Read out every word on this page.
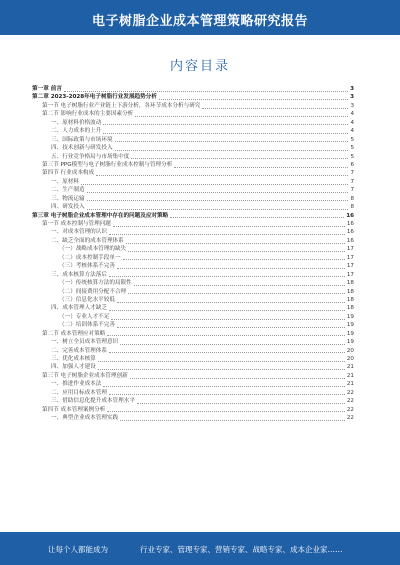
电子树脂企业成本管理策略研究报告
内容目录
第一章 前言	3
第二章 2023-2028年电子树脂行业发展趋势分析	3
第一节 电子树脂行业产业链上下游分析，各环节成本分析与研究	3
第二节 影响行业成本的主要因素分析	4
一、原材料价格波动	4
二、人力成本的上升	4
三、国际政策与市场环境	5
四、技术创新与研发投入	5
五、行业竞争格局与市场集中度	5
第三节 PPG模型与电子树脂行业成本控制与管理分析	6
第四节 行业成本构成	7
一、原材料	7
二、生产制造	7
三、物流运输	8
四、研发投入	8
第三章 电子树脂企业成本管理中存在的问题及应对策略	16
第一节 成本控制与管理问题	16
一、对成本管理的认识	16
二、缺乏全面的成本管理体系	16
（一）战略成本管理的缺失	17
（二）成本控制手段单一	17
（三）考核体系不完善	17
三、成本核算方法落后	17
（一）传统核算方法的局限性	18
（二）间接费用分配不合理	18
（三）信息化水平较低	18
四、成本管理人才缺乏	18
（一）专业人才不足	19
（二）培训体系不完善	19
第二节 成本管理应对策略	19
一、树立全员成本管理意识	19
二、完善成本管理体系	20
三、优化成本核算	20
四、加强人才建设	21
第三节 电子树脂企业成本管理创新	21
一、推进作业成本法	21
二、应用目标成本管理	22
三、借助信息化提升成本管理水平	22
第四节 成本管理案例分析	22
一、典型企业成本管理实践	22
让每个人都能成为	行业专家、管理专家、营销专家、战略专家、成本企业家……
